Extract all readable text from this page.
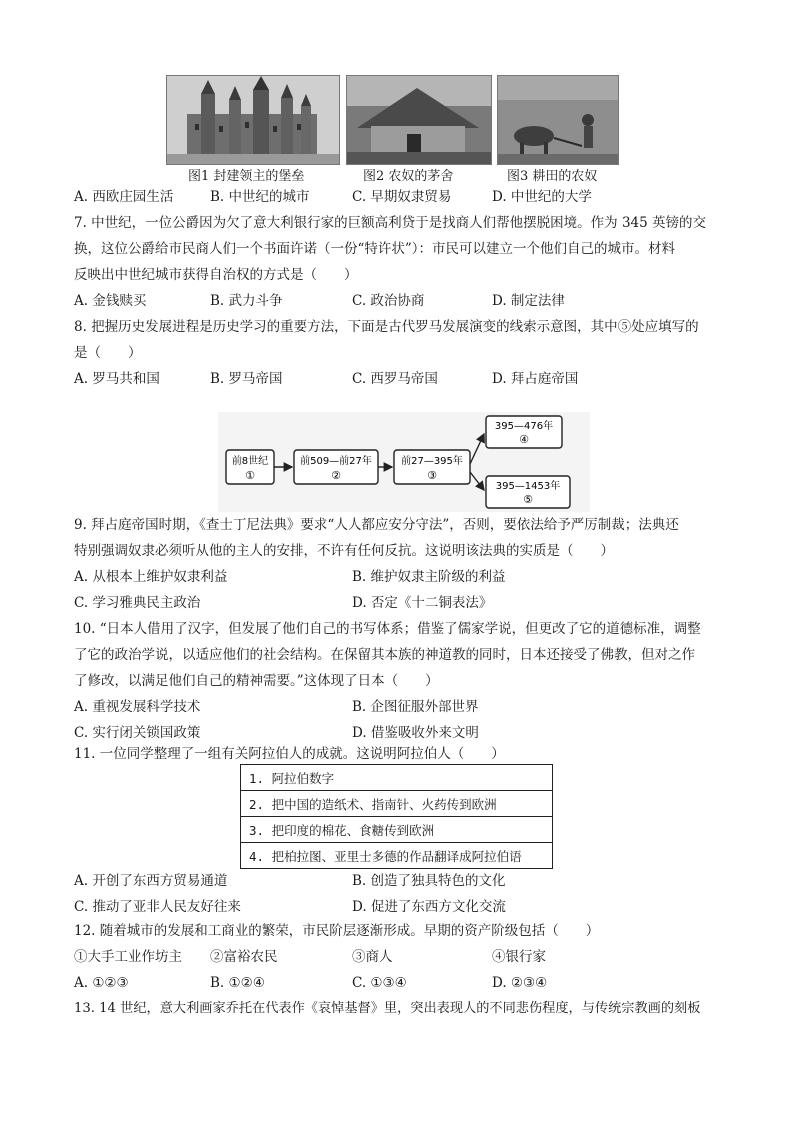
图1 封建领主的堡垒	图2 农奴的茅舍	图3 耕田的农奴
A. 西欧庄园生活	B. 中世纪的城市	C. 早期奴隶贸易	D. 中世纪的大学
7. 中世纪，一位公爵因为欠了意大利银行家的巨额高利贷于是找商人们帮他摆脱困境。作为 345 英镑的交
换，这位公爵给市民商人们一个书面许诺（一份“特许状”）：市民可以建立一个他们自己的城市。材料
反映出中世纪城市获得自治权的方式是（　　）
A. 金钱赎买	B. 武力斗争	C. 政治协商	D. 制定法律
8. 把握历史发展进程是历史学习的重要方法，下面是古代罗马发展演变的线索示意图，其中⑤处应填写的
是（　　）
A. 罗马共和国	B. 罗马帝国	C. 西罗马帝国	D. 拜占庭帝国
前8世纪
①
前509—前27年
②
前27—395年
③
395—476年
④
395—1453年
⑤
9. 拜占庭帝国时期，《查士丁尼法典》要求“人人都应安分守法”，否则，要依法给予严厉制裁；法典还
特别强调奴隶必须听从他的主人的安排，不许有任何反抗。这说明该法典的实质是（　　）
A. 从根本上维护奴隶利益	B. 维护奴隶主阶级的利益
C. 学习雅典民主政治	D. 否定《十二铜表法》
10. “日本人借用了汉字，但发展了他们自己的书写体系；借鉴了儒家学说，但更改了它的道德标准，调整
了它的政治学说，以适应他们的社会结构。在保留其本族的神道教的同时，日本还接受了佛教，但对之作
了修改，以满足他们自己的精神需要。”这体现了日本（　　）
A. 重视发展科学技术	B. 企图征服外部世界
C. 实行闭关锁国政策	D. 借鉴吸收外来文明
11. 一位同学整理了一组有关阿拉伯人的成就。这说明阿拉伯人（　　）
1. 阿拉伯数字
2. 把中国的造纸术、指南针、火药传到欧洲
3. 把印度的棉花、食糖传到欧洲
4. 把柏拉图、亚里士多德的作品翻译成阿拉伯语
A. 开创了东西方贸易通道	B. 创造了独具特色的文化
C. 推动了亚非人民友好往来	D. 促进了东西方文化交流
12. 随着城市的发展和工商业的繁荣，市民阶层逐渐形成。早期的资产阶级包括（　　）
①大手工业作坊主 ②富裕农民	③商人	④银行家
A. ①②③	B. ①②④	C. ①③④	D. ②③④
13. 14 世纪，意大利画家乔托在代表作《哀悼基督》里，突出表现人的不同悲伤程度，与传统宗教画的刻板
